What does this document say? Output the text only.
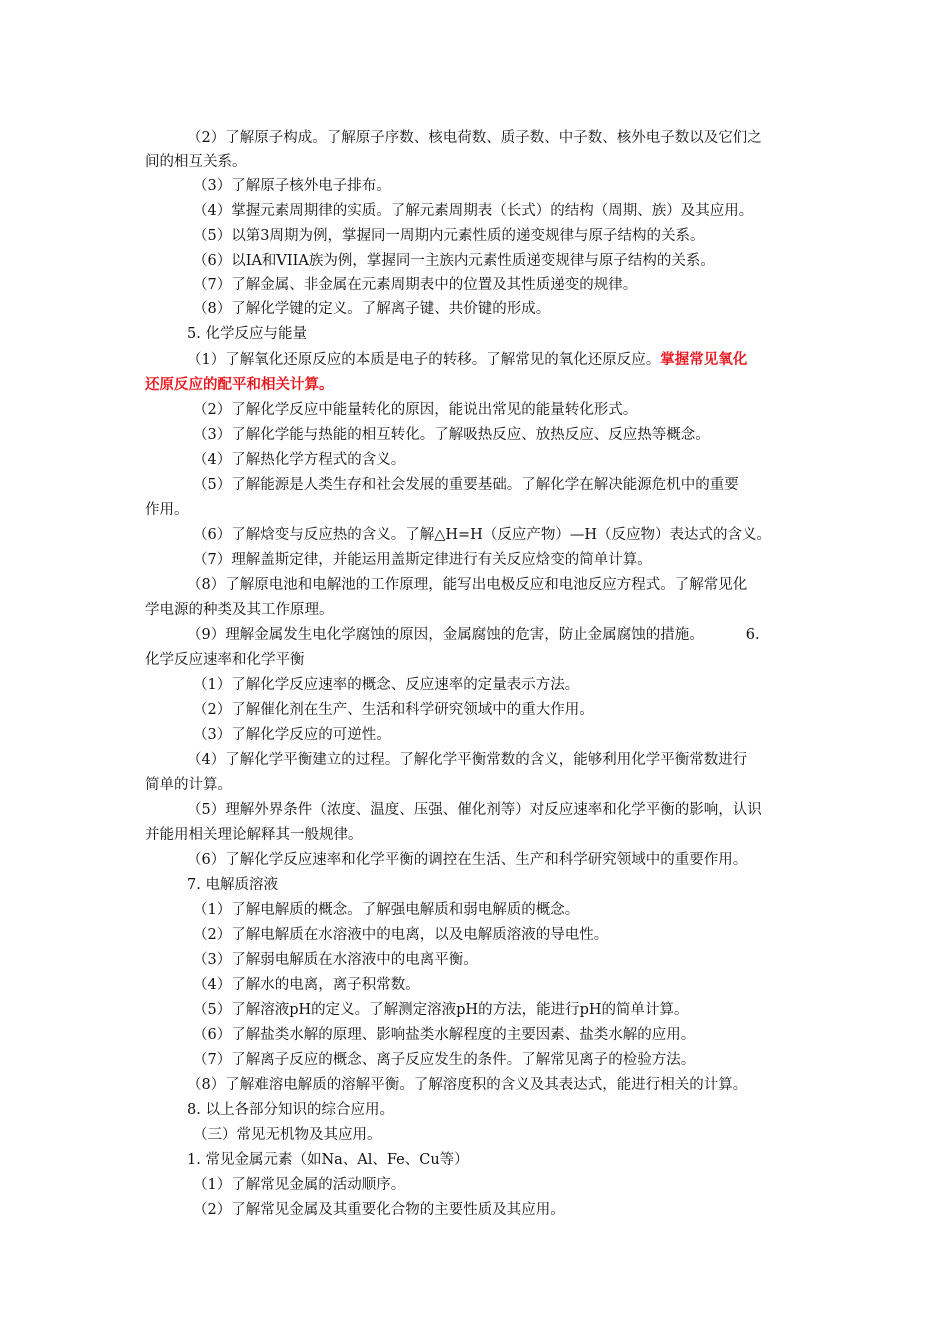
（2）了解原子构成。了解原子序数、核电荷数、质子数、中子数、核外电子数以及它们之
间的相互关系。
（3）了解原子核外电子排布。
（4）掌握元素周期律的实质。了解元素周期表（长式）的结构（周期、族）及其应用。
（5）以第3周期为例，掌握同一周期内元素性质的递变规律与原子结构的关系。
（6）以IA和VIIA族为例，掌握同一主族内元素性质递变规律与原子结构的关系。
（7）了解金属、非金属在元素周期表中的位置及其性质递变的规律。
（8）了解化学键的定义。了解离子键、共价键的形成。
5. 化学反应与能量
（1）了解氧化还原反应的本质是电子的转移。了解常见的氧化还原反应。掌握常见氧化
还原反应的配平和相关计算。
（2）了解化学反应中能量转化的原因，能说出常见的能量转化形式。
（3）了解化学能与热能的相互转化。了解吸热反应、放热反应、反应热等概念。
（4）了解热化学方程式的含义。
（5）了解能源是人类生存和社会发展的重要基础。了解化学在解决能源危机中的重要
作用。
（6）了解焓变与反应热的含义。了解△H=H（反应产物）—H（反应物）表达式的含义。
（7）理解盖斯定律，并能运用盖斯定律进行有关反应焓变的简单计算。
（8）了解原电池和电解池的工作原理，能写出电极反应和电池反应方程式。了解常见化
学电源的种类及其工作原理。
（9）理解金属发生电化学腐蚀的原因，金属腐蚀的危害，防止金属腐蚀的措施。	6.
化学反应速率和化学平衡
（1）了解化学反应速率的概念、反应速率的定量表示方法。
（2）了解催化剂在生产、生活和科学研究领域中的重大作用。
（3）了解化学反应的可逆性。
（4）了解化学平衡建立的过程。了解化学平衡常数的含义，能够利用化学平衡常数进行
简单的计算。
（5）理解外界条件（浓度、温度、压强、催化剂等）对反应速率和化学平衡的影响，认识
并能用相关理论解释其一般规律。
（6）了解化学反应速率和化学平衡的调控在生活、生产和科学研究领域中的重要作用。
7. 电解质溶液
（1）了解电解质的概念。了解强电解质和弱电解质的概念。
（2）了解电解质在水溶液中的电离，以及电解质溶液的导电性。
（3）了解弱电解质在水溶液中的电离平衡。
（4）了解水的电离，离子积常数。
（5）了解溶液pH的定义。了解测定溶液pH的方法，能进行pH的简单计算。
（6）了解盐类水解的原理、影响盐类水解程度的主要因素、盐类水解的应用。
（7）了解离子反应的概念、离子反应发生的条件。了解常见离子的检验方法。
（8）了解难溶电解质的溶解平衡。了解溶度积的含义及其表达式，能进行相关的计算。
8. 以上各部分知识的综合应用。
（三）常见无机物及其应用。
1. 常见金属元素（如Na、Al、Fe、Cu等）
（1）了解常见金属的活动顺序。
（2）了解常见金属及其重要化合物的主要性质及其应用。
